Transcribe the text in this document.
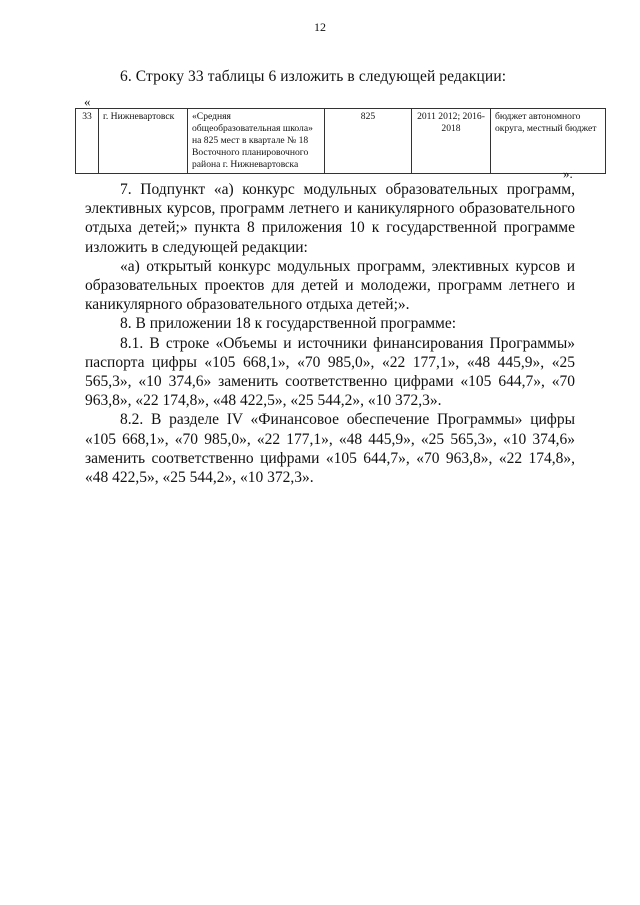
12
6. Строку 33 таблицы 6 изложить в следующей редакции:
«
33	г. Нижневартовск	«Средняя общеобразовательная школа» на 825 мест в квартале № 18 Восточного планировочного района г. Нижневартовска	825	2011 2012; 2016-2018	бюджет автономного округа, местный бюджет
».

7. Подпункт «а) конкурс модульных образовательных программ, элективных курсов, программ летнего и каникулярного образовательного отдыха детей;» пункта 8 приложения 10 к государственной программе изложить в следующей редакции:

«а) открытый конкурс модульных программ, элективных курсов и образовательных проектов для детей и молодежи, программ летнего и каникулярного образовательного отдыха детей;».

8. В приложении 18 к государственной программе:

8.1. В строке «Объемы и источники финансирования Программы» паспорта цифры «105 668,1», «70 985,0», «22 177,1», «48 445,9», «25 565,3», «10 374,6» заменить соответственно цифрами «105 644,7», «70 963,8», «22 174,8», «48 422,5», «25 544,2», «10 372,3».

8.2. В разделе IV «Финансовое обеспечение Программы» цифры «105 668,1», «70 985,0», «22 177,1», «48 445,9», «25 565,3», «10 374,6» заменить соответственно цифрами «105 644,7», «70 963,8», «22 174,8», «48 422,5», «25 544,2», «10 372,3».
